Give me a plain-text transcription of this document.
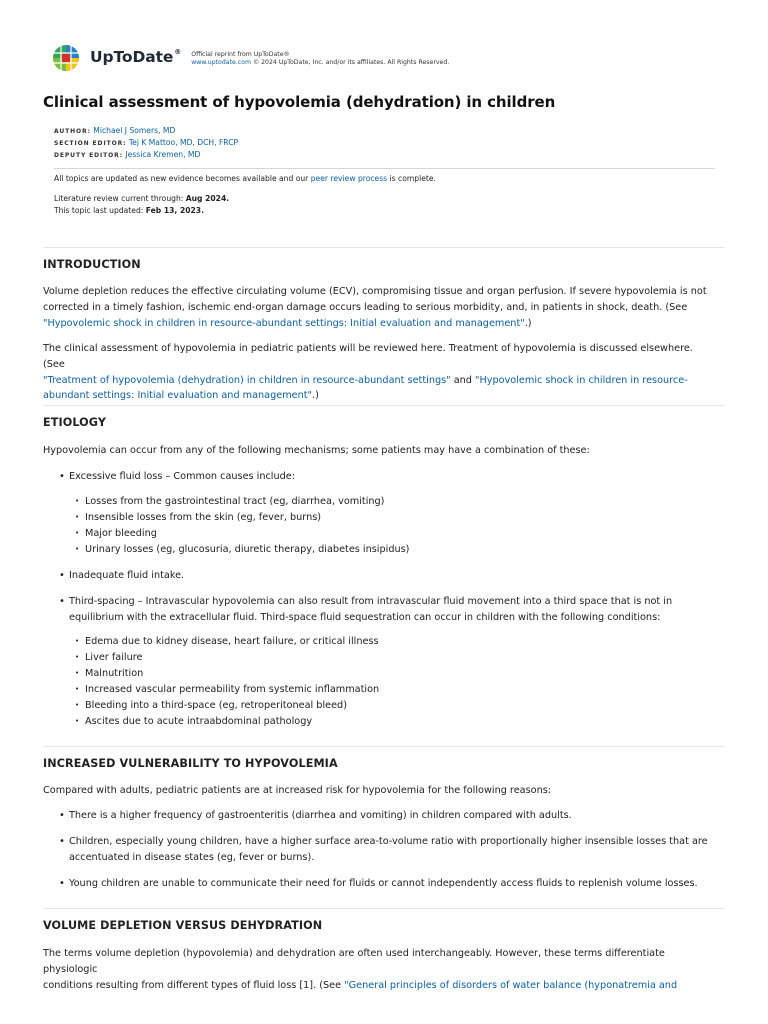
UpToDate® Official reprint from UpToDate®
www.uptodate.com © 2024 UpToDate, Inc. and/or its affiliates. All Rights Reserved.
Clinical assessment of hypovolemia (dehydration) in children
AUTHOR: Michael J Somers, MD
SECTION EDITOR: Tej K Mattoo, MD, DCH, FRCP
DEPUTY EDITOR: Jessica Kremen, MD
All topics are updated as new evidence becomes available and our peer review process is complete.
Literature review current through: Aug 2024.
This topic last updated: Feb 13, 2023.
INTRODUCTION
Volume depletion reduces the effective circulating volume (ECV), compromising tissue and organ perfusion. If severe hypovolemia is not
corrected in a timely fashion, ischemic end-organ damage occurs leading to serious morbidity, and, in patients in shock, death. (See
"Hypovolemic shock in children in resource-abundant settings: Initial evaluation and management".)
The clinical assessment of hypovolemia in pediatric patients will be reviewed here. Treatment of hypovolemia is discussed elsewhere. (See
"Treatment of hypovolemia (dehydration) in children in resource-abundant settings" and "Hypovolemic shock in children in resource-
abundant settings: Initial evaluation and management".)
ETIOLOGY
Hypovolemia can occur from any of the following mechanisms; some patients may have a combination of these:
• Excessive fluid loss – Common causes include:
• Losses from the gastrointestinal tract (eg, diarrhea, vomiting)
• Insensible losses from the skin (eg, fever, burns)
• Major bleeding
• Urinary losses (eg, glucosuria, diuretic therapy, diabetes insipidus)
• Inadequate fluid intake.
• Third-spacing – Intravascular hypovolemia can also result from intravascular fluid movement into a third space that is not in
equilibrium with the extracellular fluid. Third-space fluid sequestration can occur in children with the following conditions:
• Edema due to kidney disease, heart failure, or critical illness
• Liver failure
• Malnutrition
• Increased vascular permeability from systemic inflammation
• Bleeding into a third-space (eg, retroperitoneal bleed)
• Ascites due to acute intraabdominal pathology
INCREASED VULNERABILITY TO HYPOVOLEMIA
Compared with adults, pediatric patients are at increased risk for hypovolemia for the following reasons:
• There is a higher frequency of gastroenteritis (diarrhea and vomiting) in children compared with adults.
• Children, especially young children, have a higher surface area-to-volume ratio with proportionally higher insensible losses that are
accentuated in disease states (eg, fever or burns).
• Young children are unable to communicate their need for fluids or cannot independently access fluids to replenish volume losses.
VOLUME DEPLETION VERSUS DEHYDRATION
The terms volume depletion (hypovolemia) and dehydration are often used interchangeably. However, these terms differentiate physiologic
conditions resulting from different types of fluid loss [1]. (See "General principles of disorders of water balance (hyponatremia and
